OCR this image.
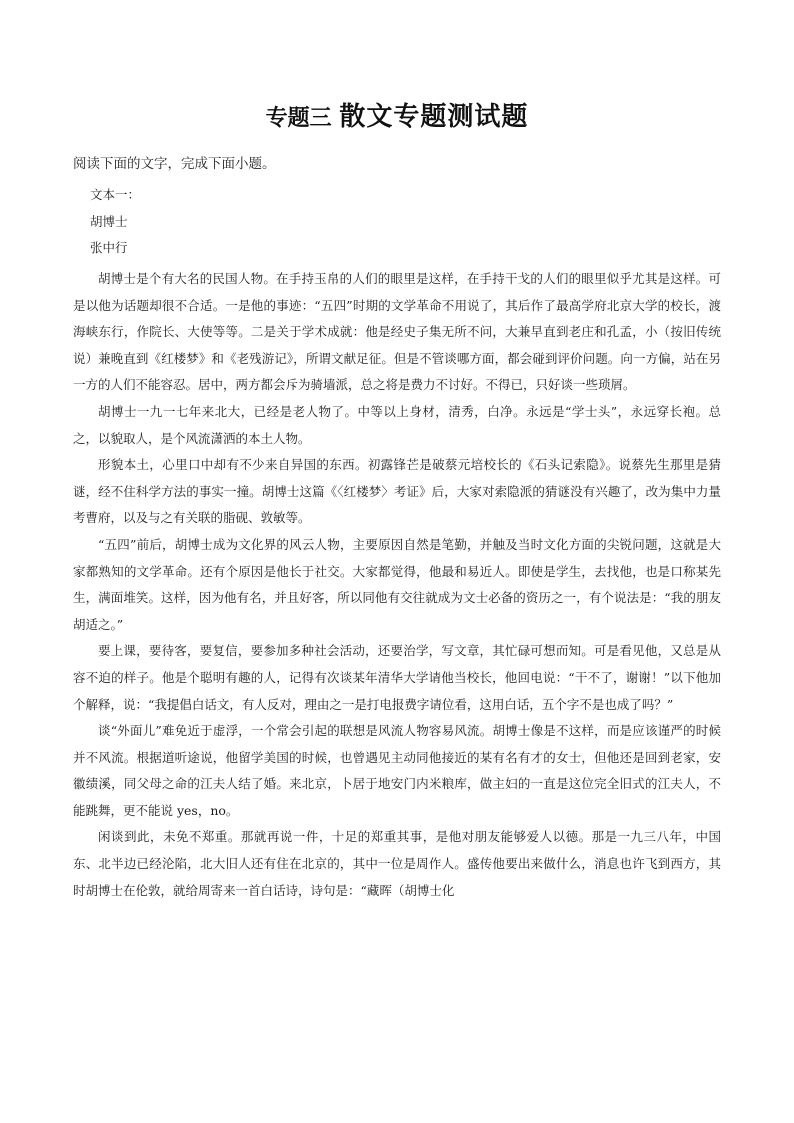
专题三 散文专题测试题
阅读下面的文字，完成下面小题。
文本一：
胡博士
张中行

胡博士是个有大名的民国人物。在手持玉帛的人们的眼里是这样，在手持干戈的人们的眼里似乎尤其是这样。可是以他为话题却很不合适。一是他的事迹：“五四”时期的文学革命不用说了，其后作了最高学府北京大学的校长，渡海峡东行，作院长、大使等等。二是关于学术成就：他是经史子集无所不问，大兼早直到老庄和孔孟，小（按旧传统说）兼晚直到《红楼梦》和《老残游记》，所谓文献足征。但是不管谈哪方面，都会碰到评价问题。向一方偏，站在另一方的人们不能容忍。居中，两方都会斥为骑墙派，总之将是费力不讨好。不得已，只好谈一些琐屑。

胡博士一九一七年来北大，已经是老人物了。中等以上身材，清秀，白净。永远是“学士头”，永远穿长袍。总之，以貌取人，是个风流潇洒的本土人物。

形貌本土，心里口中却有不少来自异国的东西。初露锋芒是破蔡元培校长的《石头记索隐》。说蔡先生那里是猜谜，经不住科学方法的事实一撞。胡博士这篇《〈红楼梦〉考证》后，大家对索隐派的猜谜没有兴趣了，改为集中力量考曹府，以及与之有关联的脂砚、敦敏等。

“五四”前后，胡博士成为文化界的风云人物，主要原因自然是笔勤，并触及当时文化方面的尖锐问题，这就是大家都熟知的文学革命。还有个原因是他长于社交。大家都觉得，他最和易近人。即使是学生，去找他，也是口称某先生，满面堆笑。这样，因为他有名，并且好客，所以同他有交往就成为文士必备的资历之一，有个说法是：“我的朋友胡适之。”

要上课，要待客，要复信，要参加多种社会活动，还要治学，写文章，其忙碌可想而知。可是看见他，又总是从容不迫的样子。他是个聪明有趣的人，记得有次谈某年清华大学请他当校长，他回电说：“干不了，谢谢！”以下他加个解释，说：“我提倡白话文，有人反对，理由之一是打电报费字请位看，这用白话，五个字不是也成了吗？”

谈“外面儿”难免近于虚浮，一个常会引起的联想是风流人物容易风流。胡博士像是不这样，而是应该谨严的时候并不风流。根据道听途说，他留学美国的时候，也曾遇见主动同他接近的某有名有才的女士，但他还是回到老家，安徽绩溪，同父母之命的江夫人结了婚。来北京，卜居于地安门内米粮库，做主妇的一直是这位完全旧式的江夫人，不能跳舞，更不能说 yes，no。

闲谈到此，未免不郑重。那就再说一件，十足的郑重其事，是他对朋友能够爱人以德。那是一九三八年，中国东、北半边已经沦陷，北大旧人还有住在北京的，其中一位是周作人。盛传他要出来做什么，消息也许飞到西方，其时胡博士在伦敦，就给周寄来一首白话诗，诗句是：“藏晖（胡博士化
